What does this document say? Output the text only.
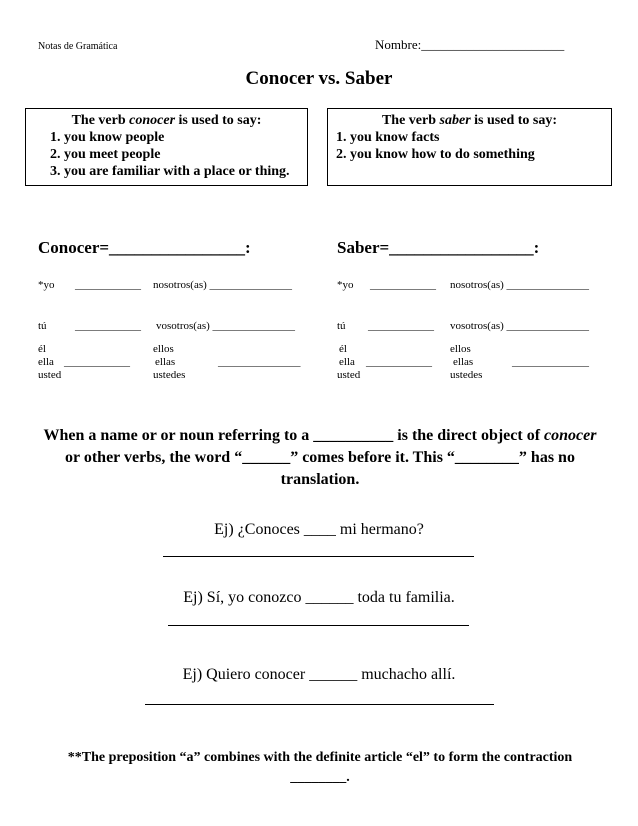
Notas de Gramática	Nombre:______________________
Conocer vs. Saber
The verb conocer is used to say:
1. you know people
2. you meet people
3. you are familiar with a place or thing.
The verb saber is used to say:
1. you know facts
2. you know how to do something
Conocer=________________:
*yo ____________ nosotros(as) _______________
tú	____________ vosotros(as) _______________
él
ella
usted
____________
ellos
ellas
ustedes
_______________
Saber=_________________:
*yo ____________ nosotros(as) _______________
tú ____________ vosotros(as) _______________
él
ella
usted
____________
ellos
ellas
ustedes
______________
When a name or or noun referring to a __________ is the direct object of conocer or other verbs, the word “______” comes before it. This “________” has no translation.
Ej) ¿Conoces ____ mi hermano?
Ej) Sí, yo conozco ______ toda tu familia.
Ej) Quiero conocer ______ muchacho allí.
**The preposition “a” combines with the definite article “el” to form the contraction ________.
